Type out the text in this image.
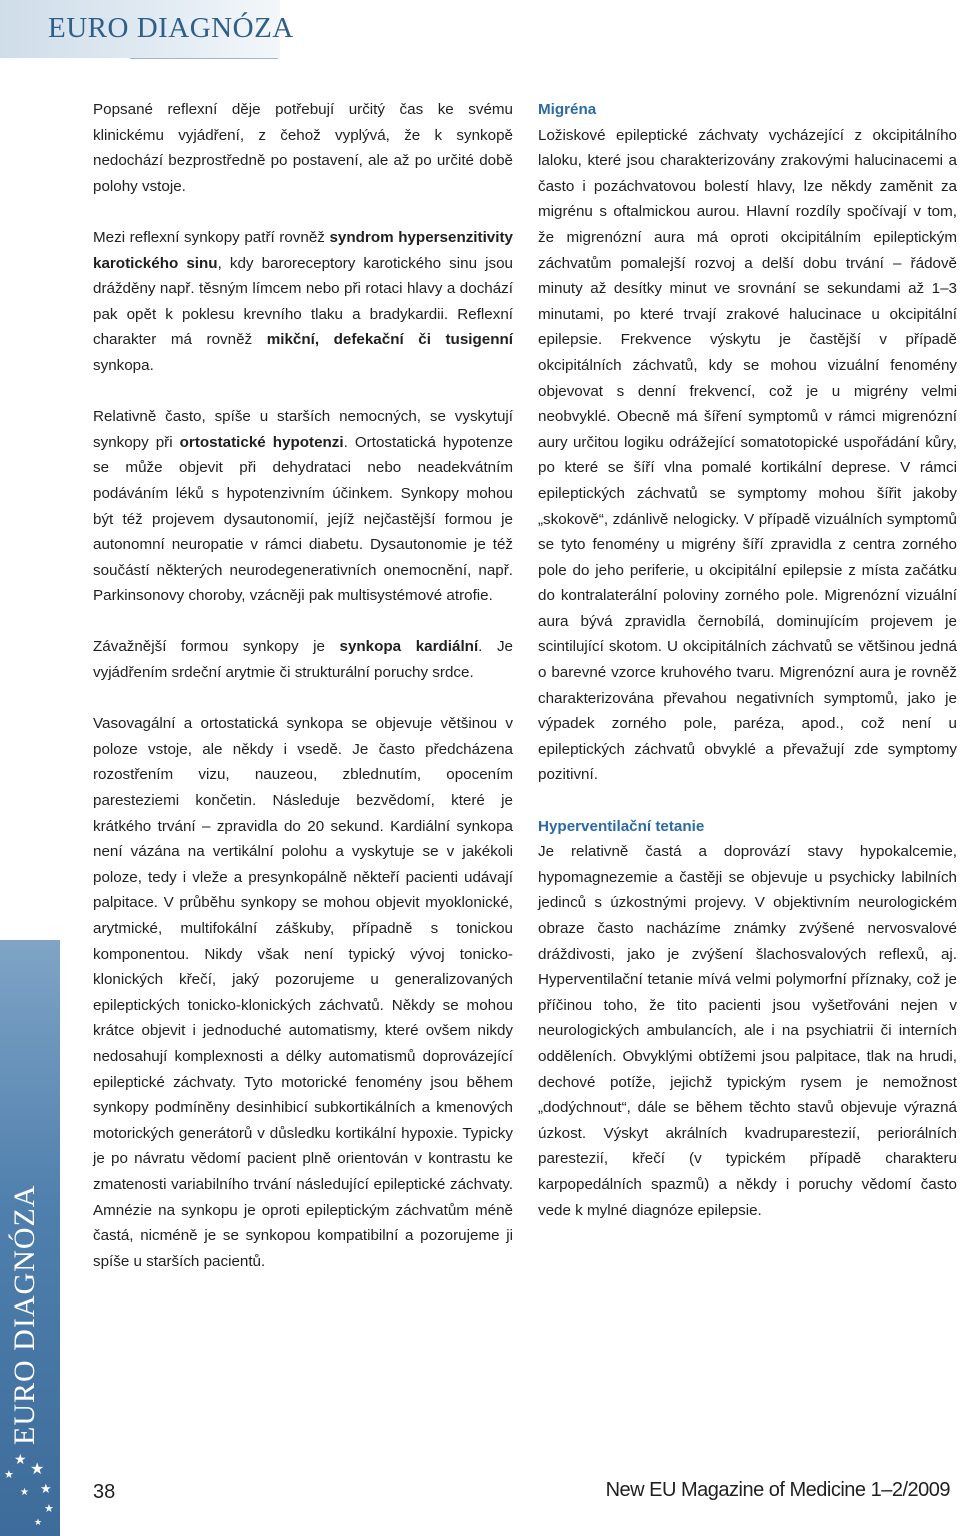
EURO DIAGNÓZA
EURO DIAGNÓZA
★
★
★
★
★
★
★

Popsané reflexní děje potřebují určitý čas ke svému klinickému vyjádření, z čehož vyplývá, že k synkopě nedochází bezprostředně po postavení, ale až po určité době polohy vstoje.

Mezi reflexní synkopy patří rovněž syndrom hypersenzitivity karotického sinu, kdy baroreceptory karotického sinu jsou drážděny např. těsným límcem nebo při rotaci hlavy a dochází pak opět k poklesu krevního tlaku a bradykardii. Reflexní charakter má rovněž mikční, defekační či tusigenní synkopa.

Relativně často, spíše u starších nemocných, se vyskytují synkopy při ortostatické hypotenzi. Ortostatická hypotenze se může objevit při dehydrataci nebo neadekvátním podáváním léků s hypotenzivním účinkem. Synkopy mohou být též projevem dysautonomií, jejíž nejčastější formou je autonomní neuropatie v rámci diabetu. Dysautonomie je též součástí některých neurodegenerativních onemocnění, např. Parkinsonovy choroby, vzácněji pak multisystémové atrofie.

Závažnější formou synkopy je synkopa kardiální. Je vyjádřením srdeční arytmie či strukturální poruchy srdce.

Vasovagální a ortostatická synkopa se objevuje většinou v poloze vstoje, ale někdy i vsedě. Je často předcházena rozostřením vizu, nauzeou, zblednutím, opocením paresteziemi končetin. Následuje bezvědomí, které je krátkého trvání – zpravidla do 20 sekund. Kardiální synkopa není vázána na vertikální polohu a vyskytuje se v jakékoli poloze, tedy i vleže a presynkopálně někteří pacienti udávají palpitace. V průběhu synkopy se mohou objevit myoklonické, arytmické, multifokální záškuby, případně s tonickou komponentou. Nikdy však není typický vývoj tonicko-klonických křečí, jaký pozorujeme u generalizovaných epileptických tonicko-klonických záchvatů. Někdy se mohou krátce objevit i jednoduché automatismy, které ovšem nikdy nedosahují komplexnosti a délky automatismů doprovázející epileptické záchvaty. Tyto motorické fenomény jsou během synkopy podmíněny desinhibicí subkortikálních a kmenových motorických generátorů v důsledku kortikální hypoxie. Typicky je po návratu vědomí pacient plně orientován v kontrastu ke zmatenosti variabilního trvání následující epileptické záchvaty. Amnézie na synkopu je oproti epileptickým záchvatům méně častá, nicméně je se synkopou kompatibilní a pozorujeme ji spíše u starších pacientů.

Migréna

Ložiskové epileptické záchvaty vycházející z okcipitálního laloku, které jsou charakterizovány zrakovými halucinacemi a často i pozáchvatovou bolestí hlavy, lze někdy zaměnit za migrénu s oftalmickou aurou. Hlavní rozdíly spočívají v tom, že migrenózní aura má oproti okcipitálním epileptickým záchvatům pomalejší rozvoj a delší dobu trvání – řádově minuty až desítky minut ve srovnání se sekundami až 1–3 minutami, po které trvají zrakové halucinace u okcipitální epilepsie. Frekvence výskytu je častější v případě okcipitálních záchvatů, kdy se mohou vizuální fenomény objevovat s denní frekvencí, což je u migrény velmi neobvyklé. Obecně má šíření symptomů v rámci migrenózní aury určitou logiku odrážející somatotopické uspořádání kůry, po které se šíří vlna pomalé kortikální deprese. V rámci epileptických záchvatů se symptomy mohou šířit jakoby „skokově“, zdánlivě nelogicky. V případě vizuálních symptomů se tyto fenomény u migrény šíří zpravidla z centra zorného pole do jeho periferie, u okcipitální epilepsie z místa začátku do kontralaterální poloviny zorného pole. Migrenózní vizuální aura bývá zpravidla černobílá, dominujícím projevem je scintilující skotom. U okcipitálních záchvatů se většinou jedná o barevné vzorce kruhového tvaru. Migrenózní aura je rovněž charakterizována převahou negativních symptomů, jako je výpadek zorného pole, paréza, apod., což není u epileptických záchvatů obvyklé a převažují zde symptomy pozitivní.

Hyperventilační tetanie

Je relativně častá a doprovází stavy hypokalcemie, hypomagnezemie a častěji se objevuje u psychicky labilních jedinců s úzkostnými projevy. V objektivním neurologickém obraze často nacházíme známky zvýšené nervosvalové dráždivosti, jako je zvýšení šlachosvalových reflexů, aj. Hyperventilační tetanie mívá velmi polymorfní příznaky, což je příčinou toho, že tito pacienti jsou vyšetřováni nejen v neurologických ambulancích, ale i na psychiatrii či interních odděleních. Obvyklými obtížemi jsou palpitace, tlak na hrudi, dechové potíže, jejichž typickým rysem je nemožnost „dodýchnout“, dále se během těchto stavů objevuje výrazná úzkost. Výskyt akrálních kvadruparestezií, periorálních parestezií, křečí (v typickém případě charakteru karpopedálních spazmů) a někdy i poruchy vědomí často vede k mylné diagnóze epilepsie.

38	New EU Magazine of Medicine 1–2/2009
